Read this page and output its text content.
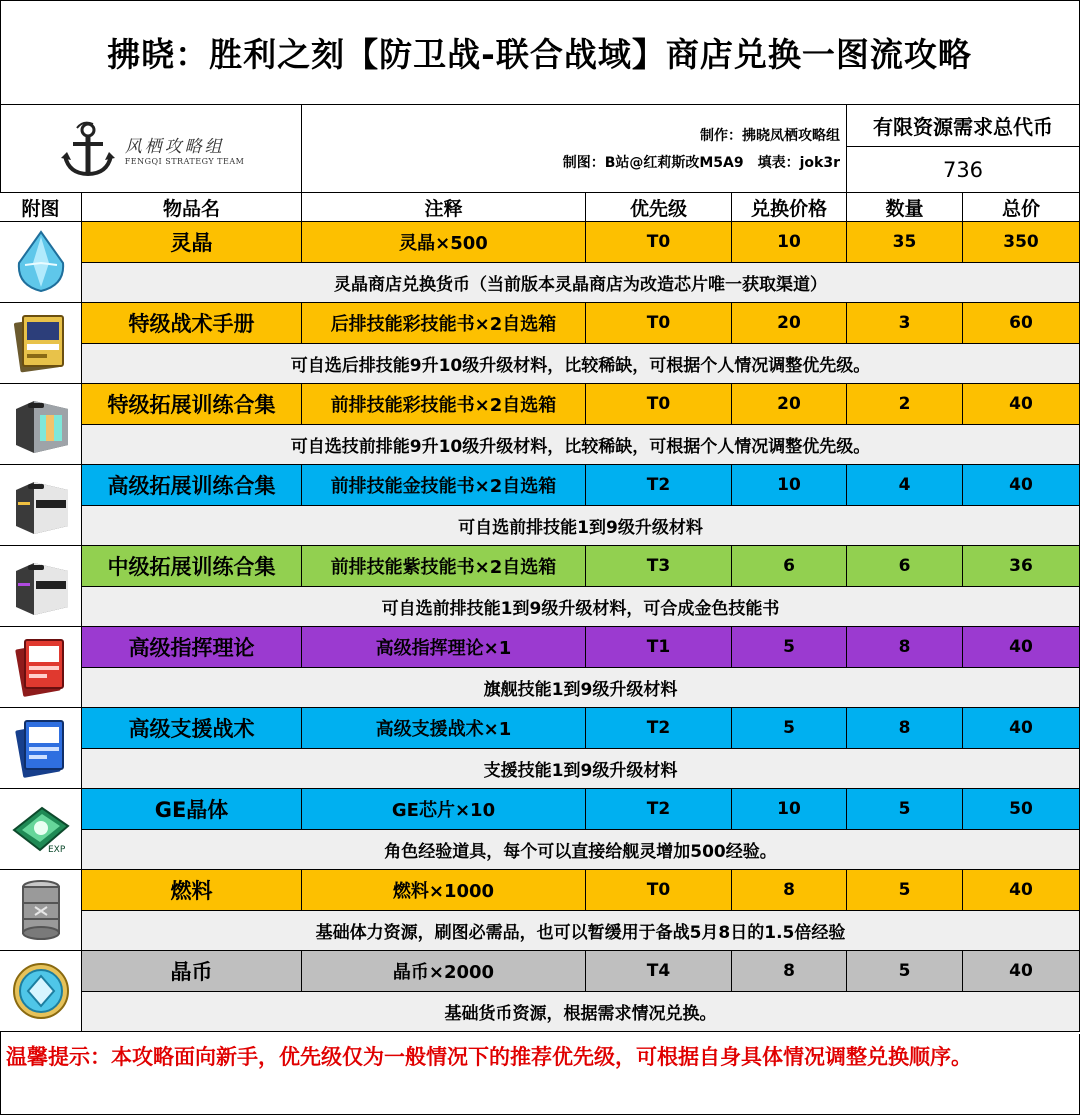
拂晓：胜利之刻【防卫战-联合战域】商店兑换一图流攻略
风栖攻略组
FENGQI STRATEGY TEAM
制作：拂晓凤栖攻略组
制图：B站@红莉斯改M5A9　填表：jok3r
有限资源需求总代币
736
附图	物品名	注释	优先级	兑换价格	数量	总价
灵晶	灵晶×500	T0	10	35	350
灵晶商店兑换货币（当前版本灵晶商店为改造芯片唯一获取渠道）
特级战术手册	后排技能彩技能书×2自选箱	T0	20	3	60
可自选后排技能9升10级升级材料，比较稀缺，可根据个人情况调整优先级。
特级拓展训练合集	前排技能彩技能书×2自选箱	T0	20	2	40
可自选技前排能9升10级升级材料，比较稀缺，可根据个人情况调整优先级。
高级拓展训练合集	前排技能金技能书×2自选箱	T2	10	4	40
可自选前排技能1到9级升级材料
中级拓展训练合集	前排技能紫技能书×2自选箱	T3	6	6	36
可自选前排技能1到9级升级材料，可合成金色技能书
高级指挥理论	高级指挥理论×1	T1	5	8	40
旗舰技能1到9级升级材料
高级支援战术	高级支援战术×1	T2	5	8	40
支援技能1到9级升级材料
EXP
GE晶体	GE芯片×10	T2	10	5	50
角色经验道具，每个可以直接给舰灵增加500经验。
燃料	燃料×1000	T0	8	5	40
基础体力资源，刷图必需品，也可以暂缓用于备战5月8日的1.5倍经验
晶币	晶币×2000	T4	8	5	40
基础货币资源，根据需求情况兑换。
温馨提示：本攻略面向新手，优先级仅为一般情况下的推荐优先级，可根据自身具体情况调整兑换顺序。
